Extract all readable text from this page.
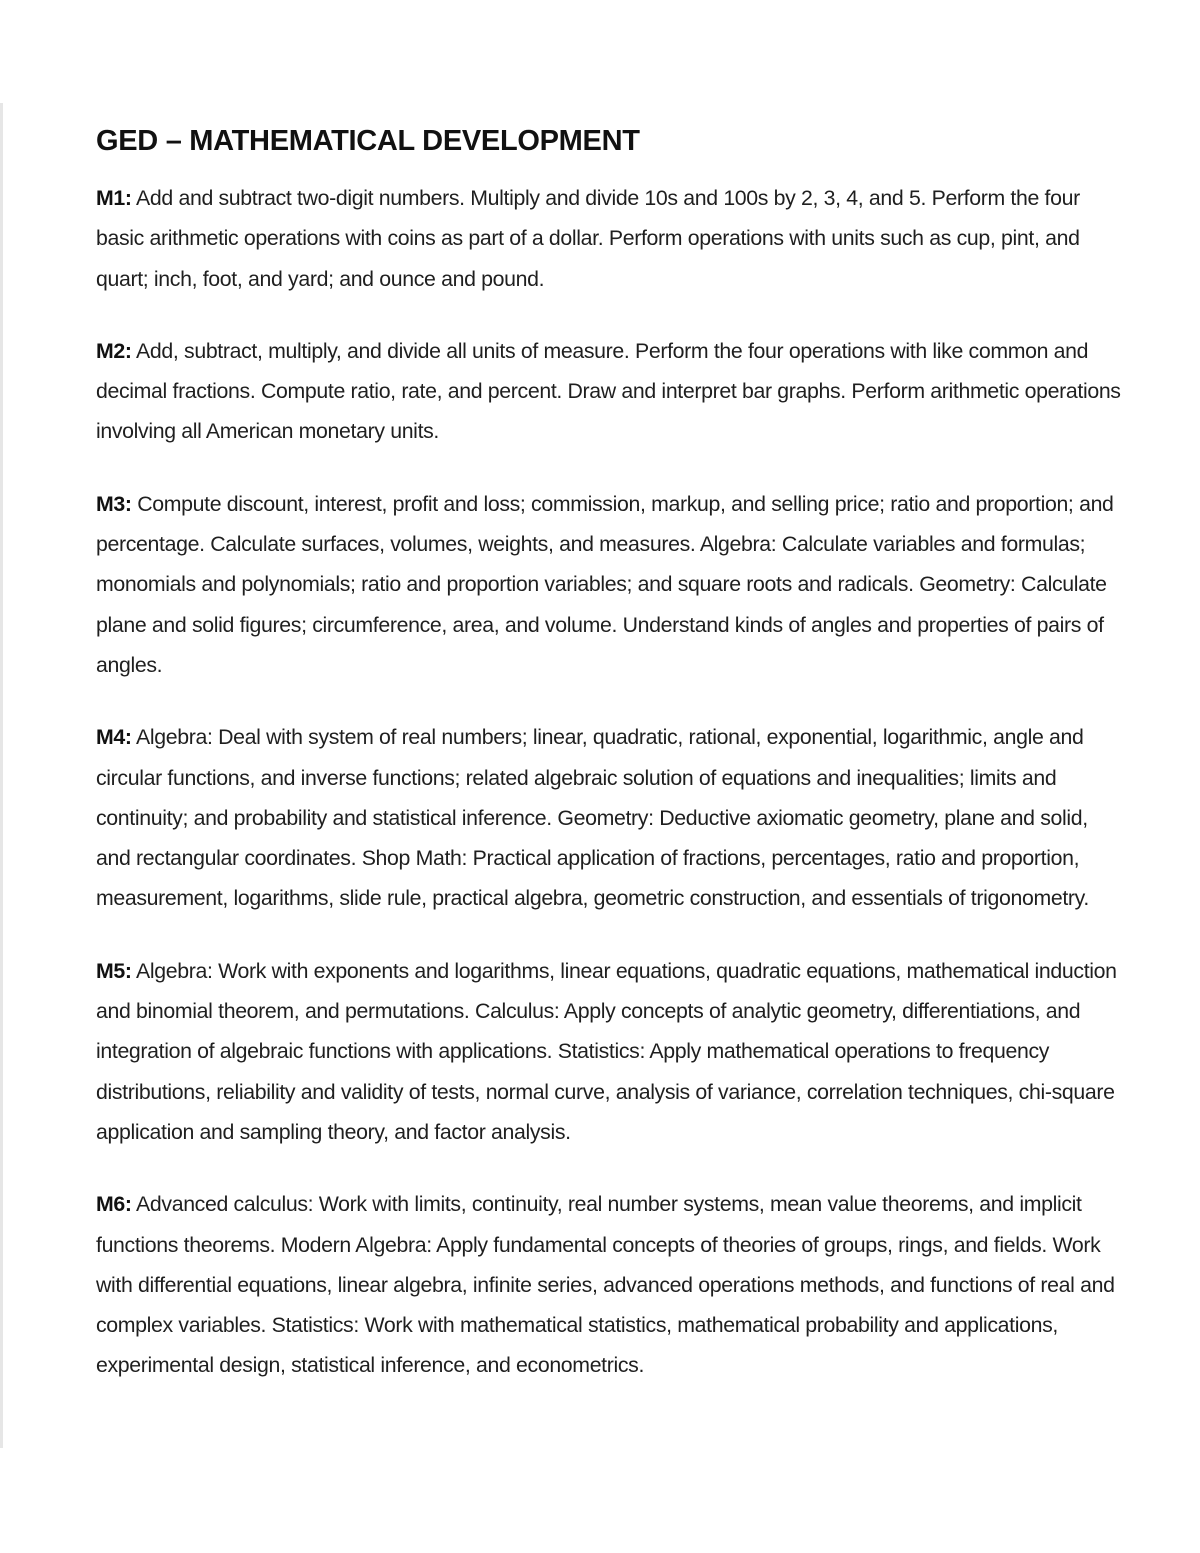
GED – MATHEMATICAL DEVELOPMENT

M1: Add and subtract two-digit numbers. Multiply and divide 10s and 100s by 2, 3, 4, and 5. Perform the four basic arithmetic operations with coins as part of a dollar. Perform operations with units such as cup, pint, and quart; inch, foot, and yard; and ounce and pound.

M2: Add, subtract, multiply, and divide all units of measure. Perform the four operations with like common and decimal fractions. Compute ratio, rate, and percent. Draw and interpret bar graphs. Perform arithmetic operations involving all American monetary units.

M3: Compute discount, interest, profit and loss; commission, markup, and selling price; ratio and proportion; and percentage. Calculate surfaces, volumes, weights, and measures. Algebra: Calculate variables and formulas; monomials and polynomials; ratio and proportion variables; and square roots and radicals. Geometry: Calculate plane and solid figures; circumference, area, and volume. Understand kinds of angles and properties of pairs of angles.

M4: Algebra: Deal with system of real numbers; linear, quadratic, rational, exponential, logarithmic, angle and circular functions, and inverse functions; related algebraic solution of equations and inequalities; limits and continuity; and probability and statistical inference. Geometry: Deductive axiomatic geometry, plane and solid, and rectangular coordinates. Shop Math: Practical application of fractions, percentages, ratio and proportion, measurement, logarithms, slide rule, practical algebra, geometric construction, and essentials of trigonometry.

M5: Algebra: Work with exponents and logarithms, linear equations, quadratic equations, mathematical induction and binomial theorem, and permutations. Calculus: Apply concepts of analytic geometry, differentiations, and integration of algebraic functions with applications. Statistics: Apply mathematical operations to frequency distributions, reliability and validity of tests, normal curve, analysis of variance, correlation techniques, chi-square application and sampling theory, and factor analysis.

M6: Advanced calculus: Work with limits, continuity, real number systems, mean value theorems, and implicit functions theorems. Modern Algebra: Apply fundamental concepts of theories of groups, rings, and fields. Work with differential equations, linear algebra, infinite series, advanced operations methods, and functions of real and complex variables. Statistics: Work with mathematical statistics, mathematical probability and applications, experimental design, statistical inference, and econometrics.
